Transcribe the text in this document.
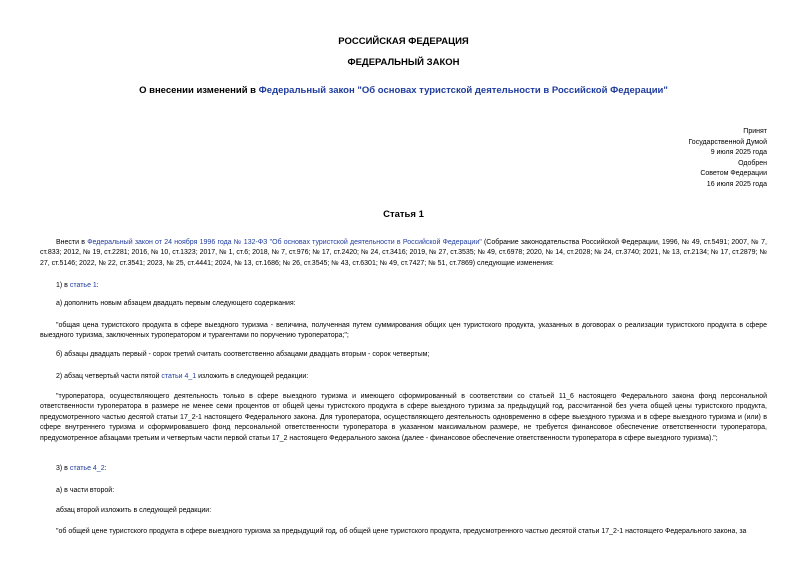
РОССИЙСКАЯ ФЕДЕРАЦИЯ
ФЕДЕРАЛЬНЫЙ ЗАКОН
О внесении изменений в Федеральный закон "Об основах туристской деятельности в Российской Федерации"
Принят
Государственной Думой
9 июля 2025 года
Одобрен
Советом Федерации
16 июля 2025 года
Статья 1
Внести в Федеральный закон от 24 ноября 1996 года № 132-ФЗ "Об основах туристской деятельности в Российской Федерации" (Собрание законодательства Российской Федерации, 1996, № 49, ст.5491; 2007, № 7, ст.833; 2012, № 19, ст.2281; 2016, № 10, ст.1323; 2017, № 1, ст.6; 2018, № 7, ст.976; № 17, ст.2420; № 24, ст.3416; 2019, № 27, ст.3535; № 49, ст.6978; 2020, № 14, ст.2028; № 24, ст.3740; 2021, № 13, ст.2134; № 17, ст.2879; № 27, ст.5146; 2022, № 22, ст.3541; 2023, № 25, ст.4441; 2024, № 13, ст.1686; № 26, ст.3545; № 43, ст.6301; № 49, ст.7427; № 51, ст.7869) следующие изменения:
1) в статье 1:
а) дополнить новым абзацем двадцать первым следующего содержания:
"общая цена туристского продукта в сфере выездного туризма - величина, полученная путем суммирования общих цен туристского продукта, указанных в договорах о реализации туристского продукта в сфере выездного туризма, заключенных туроператором и турагентами по поручению туроператора;";
б) абзацы двадцать первый - сорок третий считать соответственно абзацами двадцать вторым - сорок четвертым;
2) абзац четвертый части пятой статьи 4_1 изложить в следующей редакции:
"туроператора, осуществляющего деятельность только в сфере выездного туризма и имеющего сформированный в соответствии со статьей 11_6 настоящего Федерального закона фонд персональной ответственности туроператора в размере не менее семи процентов от общей цены туристского продукта в сфере выездного туризма за предыдущий год, рассчитанной без учета общей цены туристского продукта, предусмотренного частью десятой статьи 17_2-1 настоящего Федерального закона. Для туроператора, осуществляющего деятельность одновременно в сфере выездного туризма и в сфере выездного туризма и (или) в сфере внутреннего туризма и сформировавшего фонд персональной ответственности туроператора в указанном максимальном размере, не требуется финансовое обеспечение ответственности туроператора, предусмотренное абзацами третьим и четвертым части первой статьи 17_2 настоящего Федерального закона (далее - финансовое обеспечение ответственности туроператора в сфере выездного туризма).";
3) в статье 4_2:
а) в части второй:
абзац второй изложить в следующей редакции:
"об общей цене туристского продукта в сфере выездного туризма за предыдущий год, об общей цене туристского продукта, предусмотренного частью десятой статьи 17_2-1 настоящего Федерального закона, за
